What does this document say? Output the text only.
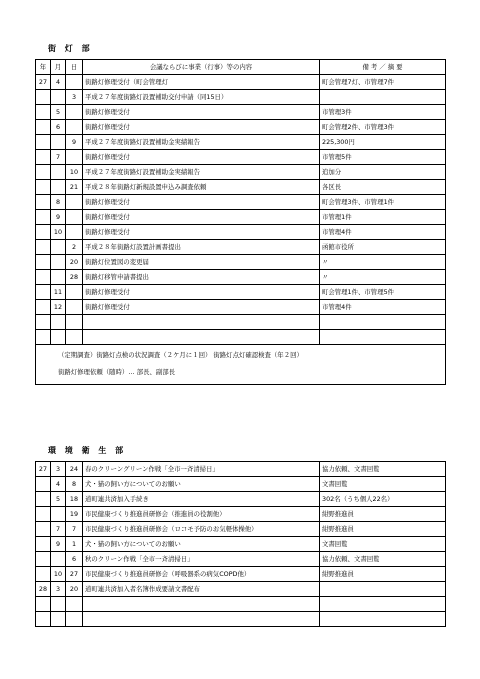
街 灯 部
年	月	日	会議ならびに事業（行事）等の内容	備 考 ／ 摘 要
27	4		街路灯修理受付（町会管理灯	町会管理7灯、市管理7件
		3	平成２７年度街路灯設置補助交付申請（同15日）	
	5		街路灯修理受付	市管理3件
	6		街路灯修理受付	町会管理2件、市管理3件
		9	平成２７年度街路灯設置補助金実績報告	225,300円
	7		街路灯修理受付	市管理5件
		10	平成２７年度街路灯設置補助金実績報告	追加分
		21	平成２８年街路灯新規設置申込み調査依頼	各区長
	8		街路灯修理受付	町会管理3件、市管理1件
	9		街路灯修理受付	市管理1件
	10		街路灯修理受付	市管理4件
		2	平成２８年街路灯設置計画書提出	函館市役所
		20	街路灯位置図の変更届	〃
		28	街路灯移管申請書提出	〃
	11		街路灯修理受付	町会管理1件、市管理5件
	12		街路灯修理受付	市管理4件

（定期調査）街路灯点検の状況調査（２ケ月に１回） 街路灯点灯確認検査（年２回）
街路灯修理依頼（随時）… 部長、副部長				
環 境 衛 生 部
27	3	24	春のクリーングリーン作戦「全市一斉清掃日」	協力依頼、文書回覧
	4	8	犬・猫の飼い方についてのお願い	文書回覧
	5	18	道町連共済加入手続き	302名（うち個人22名）
		19	市民健康づくり推進員研修会（推進員の役割他）	紺野推進員
	7	7	市民健康づくり推進員研修会（ロコモ予防のお気軽体操他）	紺野推進員
	9	1	犬・猫の飼い方についてのお願い	文書回覧
		6	秋のクリーン作戦「全市一斉清掃日」	協力依頼、文書回覧
	10	27	市民健康づくり推進員研修会（呼吸器系の病気COPD他）	紺野推進員
28	3	20	道町連共済加入者名簿作成要請文書配布	
